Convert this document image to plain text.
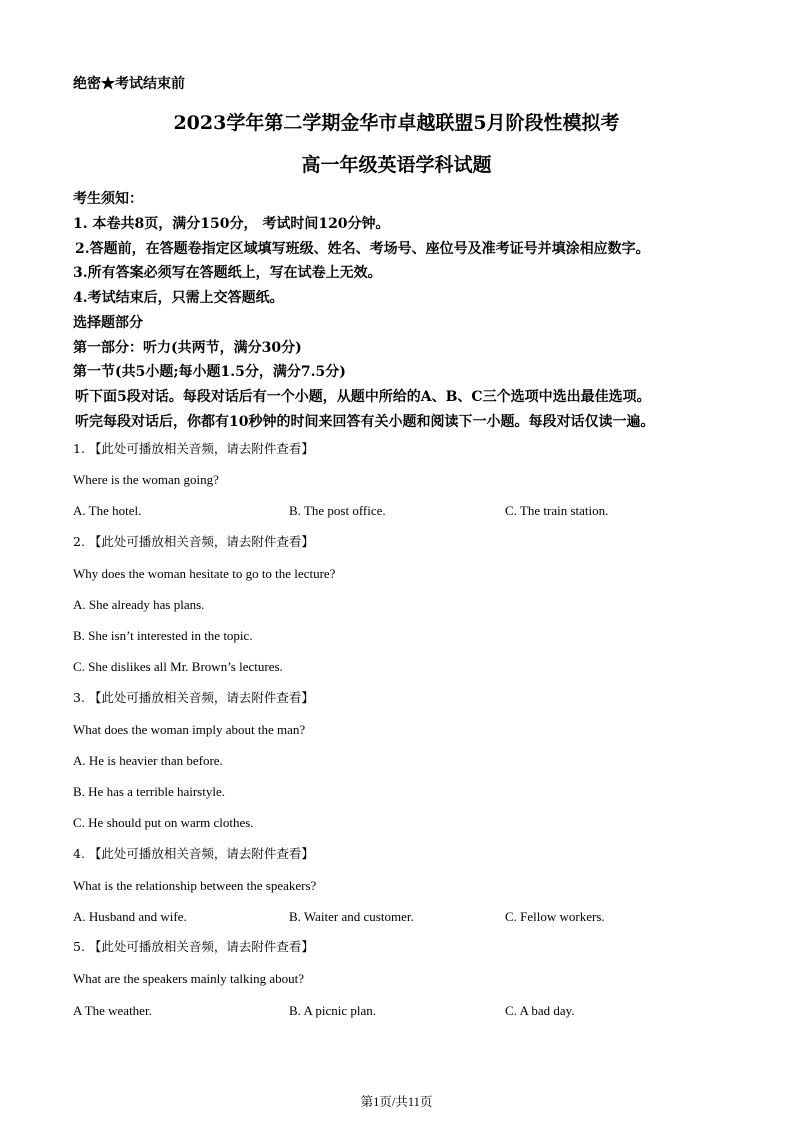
绝密★考试结束前
2023学年第二学期金华市卓越联盟5月阶段性模拟考
高一年级英语学科试题
考生须知：
1. 本卷共8页，满分150分， 考试时间120分钟。
2.答题前，在答题卷指定区域填写班级、姓名、考场号、座位号及准考证号并填涂相应数字。
3.所有答案必须写在答题纸上，写在试卷上无效。
4.考试结束后，只需上交答题纸。
选择题部分
第一部分：听力(共两节，满分30分)
第一节(共5小题;每小题1.5分，满分7.5分)
听下面5段对话。每段对话后有一个小题，从题中所给的A、B、C三个选项中选出最佳选项。
听完每段对话后，你都有10秒钟的时间来回答有关小题和阅读下一小题。每段对话仅读一遍。
1. 【此处可播放相关音频，请去附件查看】
Where is the woman going?
A. The hotel.	B. The post office.	C. The train station.
2. 【此处可播放相关音频，请去附件查看】
Why does the woman hesitate to go to the lecture?
A. She already has plans.
B. She isn’t interested in the topic.
C. She dislikes all Mr. Brown’s lectures.
3. 【此处可播放相关音频，请去附件查看】
What does the woman imply about the man?
A. He is heavier than before.
B. He has a terrible hairstyle.
C. He should put on warm clothes.
4. 【此处可播放相关音频，请去附件查看】
What is the relationship between the speakers?
A. Husband and wife.	B. Waiter and customer.	C. Fellow workers.
5. 【此处可播放相关音频，请去附件查看】
What are the speakers mainly talking about?
A The weather.	B. A picnic plan.	C. A bad day.
第1页/共11页
